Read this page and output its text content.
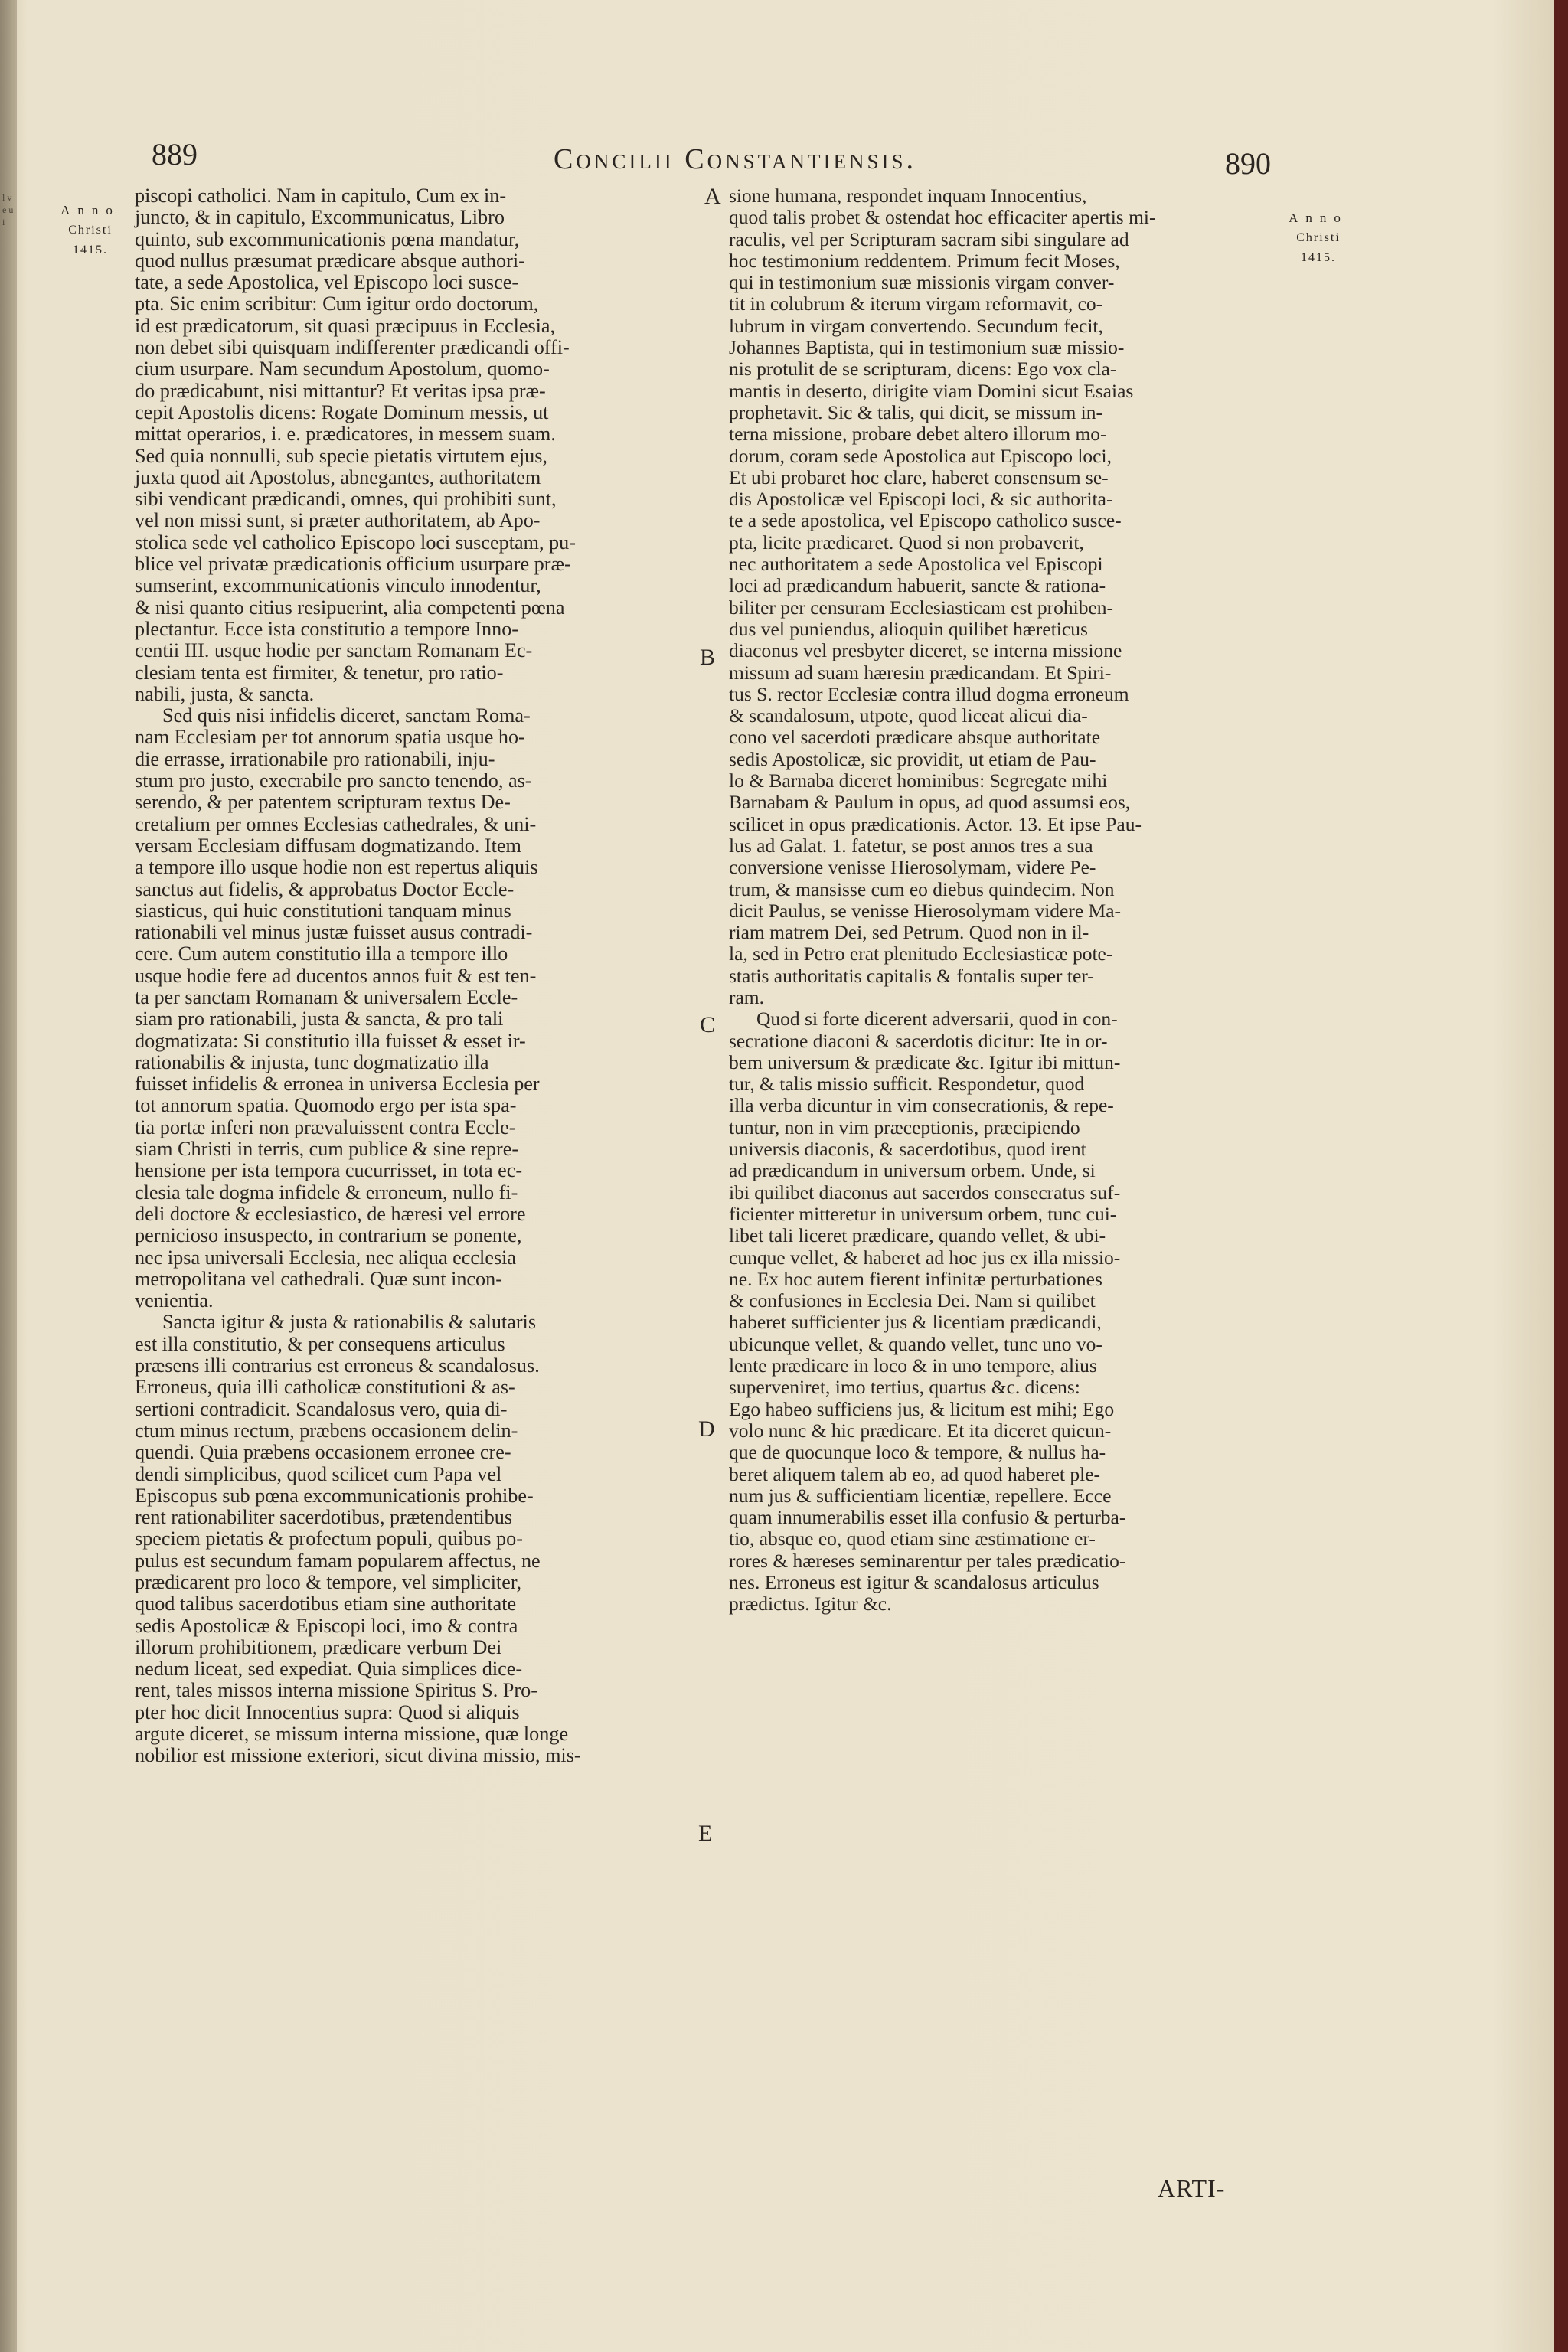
l ve ui
889	Concilii Constantiensis.	890
Anno
Christi
1415.
Anno
Christi
1415.

piscopi catholici. Nam in capitulo, Cum ex in-

juncto, & in capitulo, Excommunicatus, Libro

quinto, sub excommunicationis pœna mandatur,

quod nullus præsumat prædicare absque authori-

tate, a sede Apostolica, vel Episcopo loci susce-

pta. Sic enim scribitur: Cum igitur ordo doctorum,

id est prædicatorum, sit quasi præcipuus in Ecclesia,

non debet sibi quisquam indifferenter prædicandi offi-

cium usurpare. Nam secundum Apostolum, quomo-

do prædicabunt, nisi mittantur? Et veritas ipsa præ-

cepit Apostolis dicens: Rogate Dominum messis, ut

mittat operarios, i. e. prædicatores, in messem suam.

Sed quia nonnulli, sub specie pietatis virtutem ejus,

juxta quod ait Apostolus, abnegantes, authoritatem

sibi vendicant prædicandi, omnes, qui prohibiti sunt,

vel non missi sunt, si præter authoritatem, ab Apo-

stolica sede vel catholico Episcopo loci susceptam, pu-

blice vel privatæ prædicationis officium usurpare præ-

sumserint, excommunicationis vinculo innodentur,

& nisi quanto citius resipuerint, alia competenti pœna

plectantur. Ecce ista constitutio a tempore Inno-

centii III. usque hodie per sanctam Romanam Ec-

clesiam tenta est firmiter, & tenetur, pro ratio-

nabili, justa, & sancta.

Sed quis nisi infidelis diceret, sanctam Roma-

nam Ecclesiam per tot annorum spatia usque ho-

die errasse, irrationabile pro rationabili, inju-

stum pro justo, execrabile pro sancto tenendo, as-

serendo, & per patentem scripturam textus De-

cretalium per omnes Ecclesias cathedrales, & uni-

versam Ecclesiam diffusam dogmatizando. Item

a tempore illo usque hodie non est repertus aliquis

sanctus aut fidelis, & approbatus Doctor Eccle-

siasticus, qui huic constitutioni tanquam minus

rationabili vel minus justæ fuisset ausus contradi-

cere. Cum autem constitutio illa a tempore illo

usque hodie fere ad ducentos annos fuit & est ten-

ta per sanctam Romanam & universalem Eccle-

siam pro rationabili, justa & sancta, & pro tali

dogmatizata: Si constitutio illa fuisset & esset ir-

rationabilis & injusta, tunc dogmatizatio illa

fuisset infidelis & erronea in universa Ecclesia per

tot annorum spatia. Quomodo ergo per ista spa-

tia portæ inferi non prævaluissent contra Eccle-

siam Christi in terris, cum publice & sine repre-

hensione per ista tempora cucurrisset, in tota ec-

clesia tale dogma infidele & erroneum, nullo fi-

deli doctore & ecclesiastico, de hæresi vel errore

pernicioso insuspecto, in contrarium se ponente,

nec ipsa universali Ecclesia, nec aliqua ecclesia

metropolitana vel cathedrali. Quæ sunt incon-

venientia.

Sancta igitur & justa & rationabilis & salutaris

est illa constitutio, & per consequens articulus

præsens illi contrarius est erroneus & scandalosus.

Erroneus, quia illi catholicæ constitutioni & as-

sertioni contradicit. Scandalosus vero, quia di-

ctum minus rectum, præbens occasionem delin-

quendi. Quia præbens occasionem erronee cre-

dendi simplicibus, quod scilicet cum Papa vel

Episcopus sub pœna excommunicationis prohibe-

rent rationabiliter sacerdotibus, prætendentibus

speciem pietatis & profectum populi, quibus po-

pulus est secundum famam popularem affectus, ne

prædicarent pro loco & tempore, vel simpliciter,

quod talibus sacerdotibus etiam sine authoritate

sedis Apostolicæ & Episcopi loci, imo & contra

illorum prohibitionem, prædicare verbum Dei

nedum liceat, sed expediat. Quia simplices dice-

rent, tales missos interna missione Spiritus S. Pro-

pter hoc dicit Innocentius supra: Quod si aliquis

argute diceret, se missum interna missione, quæ longe

nobilior est missione exteriori, sicut divina missio, mis-

sione humana, respondet inquam Innocentius,

quod talis probet & ostendat hoc efficaciter apertis mi-

raculis, vel per Scripturam sacram sibi singulare ad

hoc testimonium reddentem. Primum fecit Moses,

qui in testimonium suæ missionis virgam conver-

tit in colubrum & iterum virgam reformavit, co-

lubrum in virgam convertendo. Secundum fecit,

Johannes Baptista, qui in testimonium suæ missio-

nis protulit de se scripturam, dicens: Ego vox cla-

mantis in deserto, dirigite viam Domini sicut Esaias

prophetavit. Sic & talis, qui dicit, se missum in-

terna missione, probare debet altero illorum mo-

dorum, coram sede Apostolica aut Episcopo loci,

Et ubi probaret hoc clare, haberet consensum se-

dis Apostolicæ vel Episcopi loci, & sic authorita-

te a sede apostolica, vel Episcopo catholico susce-

pta, licite prædicaret. Quod si non probaverit,

nec authoritatem a sede Apostolica vel Episcopi

loci ad prædicandum habuerit, sancte & rationa-

biliter per censuram Ecclesiasticam est prohiben-

dus vel puniendus, alioquin quilibet hæreticus

diaconus vel presbyter diceret, se interna missione

missum ad suam hæresin prædicandam. Et Spiri-

tus S. rector Ecclesiæ contra illud dogma erroneum

& scandalosum, utpote, quod liceat alicui dia-

cono vel sacerdoti prædicare absque authoritate

sedis Apostolicæ, sic providit, ut etiam de Pau-

lo & Barnaba diceret hominibus: Segregate mihi

Barnabam & Paulum in opus, ad quod assumsi eos,

scilicet in opus prædicationis. Actor. 13. Et ipse Pau-

lus ad Galat. 1. fatetur, se post annos tres a sua

conversione venisse Hierosolymam, videre Pe-

trum, & mansisse cum eo diebus quindecim. Non

dicit Paulus, se venisse Hierosolymam videre Ma-

riam matrem Dei, sed Petrum. Quod non in il-

la, sed in Petro erat plenitudo Ecclesiasticæ pote-

statis authoritatis capitalis & fontalis super ter-

ram.

Quod si forte dicerent adversarii, quod in con-

secratione diaconi & sacerdotis dicitur: Ite in or-

bem universum & prædicate &c. Igitur ibi mittun-

tur, & talis missio sufficit. Respondetur, quod

illa verba dicuntur in vim consecrationis, & repe-

tuntur, non in vim præceptionis, præcipiendo

universis diaconis, & sacerdotibus, quod irent

ad prædicandum in universum orbem. Unde, si

ibi quilibet diaconus aut sacerdos consecratus suf-

ficienter mitteretur in universum orbem, tunc cui-

libet tali liceret prædicare, quando vellet, & ubi-

cunque vellet, & haberet ad hoc jus ex illa missio-

ne. Ex hoc autem fierent infinitæ perturbationes

& confusiones in Ecclesia Dei. Nam si quilibet

haberet sufficienter jus & licentiam prædicandi,

ubicunque vellet, & quando vellet, tunc uno vo-

lente prædicare in loco & in uno tempore, alius

superveniret, imo tertius, quartus &c. dicens:

Ego habeo sufficiens jus, & licitum est mihi; Ego

volo nunc & hic prædicare. Et ita diceret quicun-

que de quocunque loco & tempore, & nullus ha-

beret aliquem talem ab eo, ad quod haberet ple-

num jus & sufficientiam licentiæ, repellere. Ecce

quam innumerabilis esset illa confusio & perturba-

tio, absque eo, quod etiam sine æstimatione er-

rores & hæreses seminarentur per tales prædicatio-

nes. Erroneus est igitur & scandalosus articulus

prædictus. Igitur &c.

A
B
C
D
E
ARTI-
